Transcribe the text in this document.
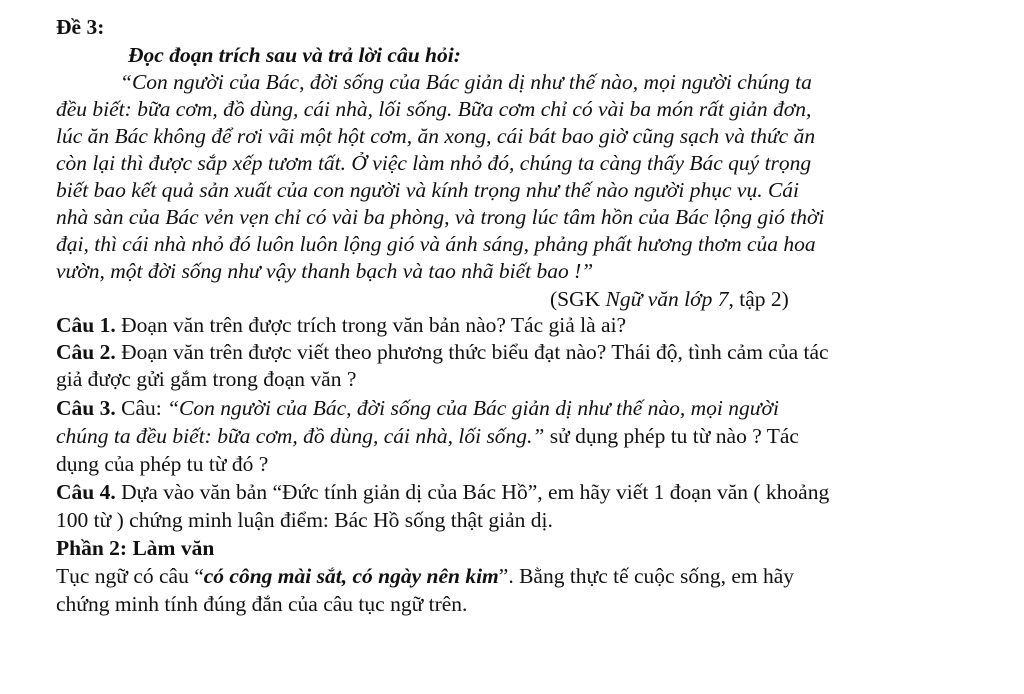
Đề 3:
Đọc đoạn trích sau và trả lời câu hỏi:
“Con người của Bác, đời sống của Bác giản dị như thế nào, mọi người chúng ta
đều biết: bữa cơm, đồ dùng, cái nhà, lối sống. Bữa cơm chỉ có vài ba món rất giản đơn,
lúc ăn Bác không để rơi vãi một hột cơm, ăn xong, cái bát bao giờ cũng sạch và thức ăn
còn lại thì được sắp xếp tươm tất. Ở việc làm nhỏ đó, chúng ta càng thấy Bác quý trọng
biết bao kết quả sản xuất của con người và kính trọng như thế nào người phục vụ. Cái
nhà sàn của Bác vẻn vẹn chỉ có vài ba phòng, và trong lúc tâm hồn của Bác lộng gió thời
đại, thì cái nhà nhỏ đó luôn luôn lộng gió và ánh sáng, phảng phất hương thơm của hoa
vườn, một đời sống như vậy thanh bạch và tao nhã biết bao !”
(SGK Ngữ văn lớp 7, tập 2)
Câu 1. Đoạn văn trên được trích trong văn bản nào? Tác giả là ai?
Câu 2. Đoạn văn trên được viết theo phương thức biểu đạt nào? Thái độ, tình cảm của tác
giả được gửi gắm trong đoạn văn ?
Câu 3. Câu: “Con người của Bác, đời sống của Bác giản dị như thế nào, mọi người
chúng ta đều biết: bữa cơm, đồ dùng, cái nhà, lối sống.” sử dụng phép tu từ nào ? Tác
dụng của phép tu từ đó ?
Câu 4. Dựa vào văn bản “Đức tính giản dị của Bác Hồ”, em hãy viết 1 đoạn văn ( khoảng
100 từ ) chứng minh luận điểm: Bác Hồ sống thật giản dị.
Phần 2: Làm văn
Tục ngữ có câu “có công mài sắt, có ngày nên kim”. Bằng thực tế cuộc sống, em hãy
chứng minh tính đúng đắn của câu tục ngữ trên.
